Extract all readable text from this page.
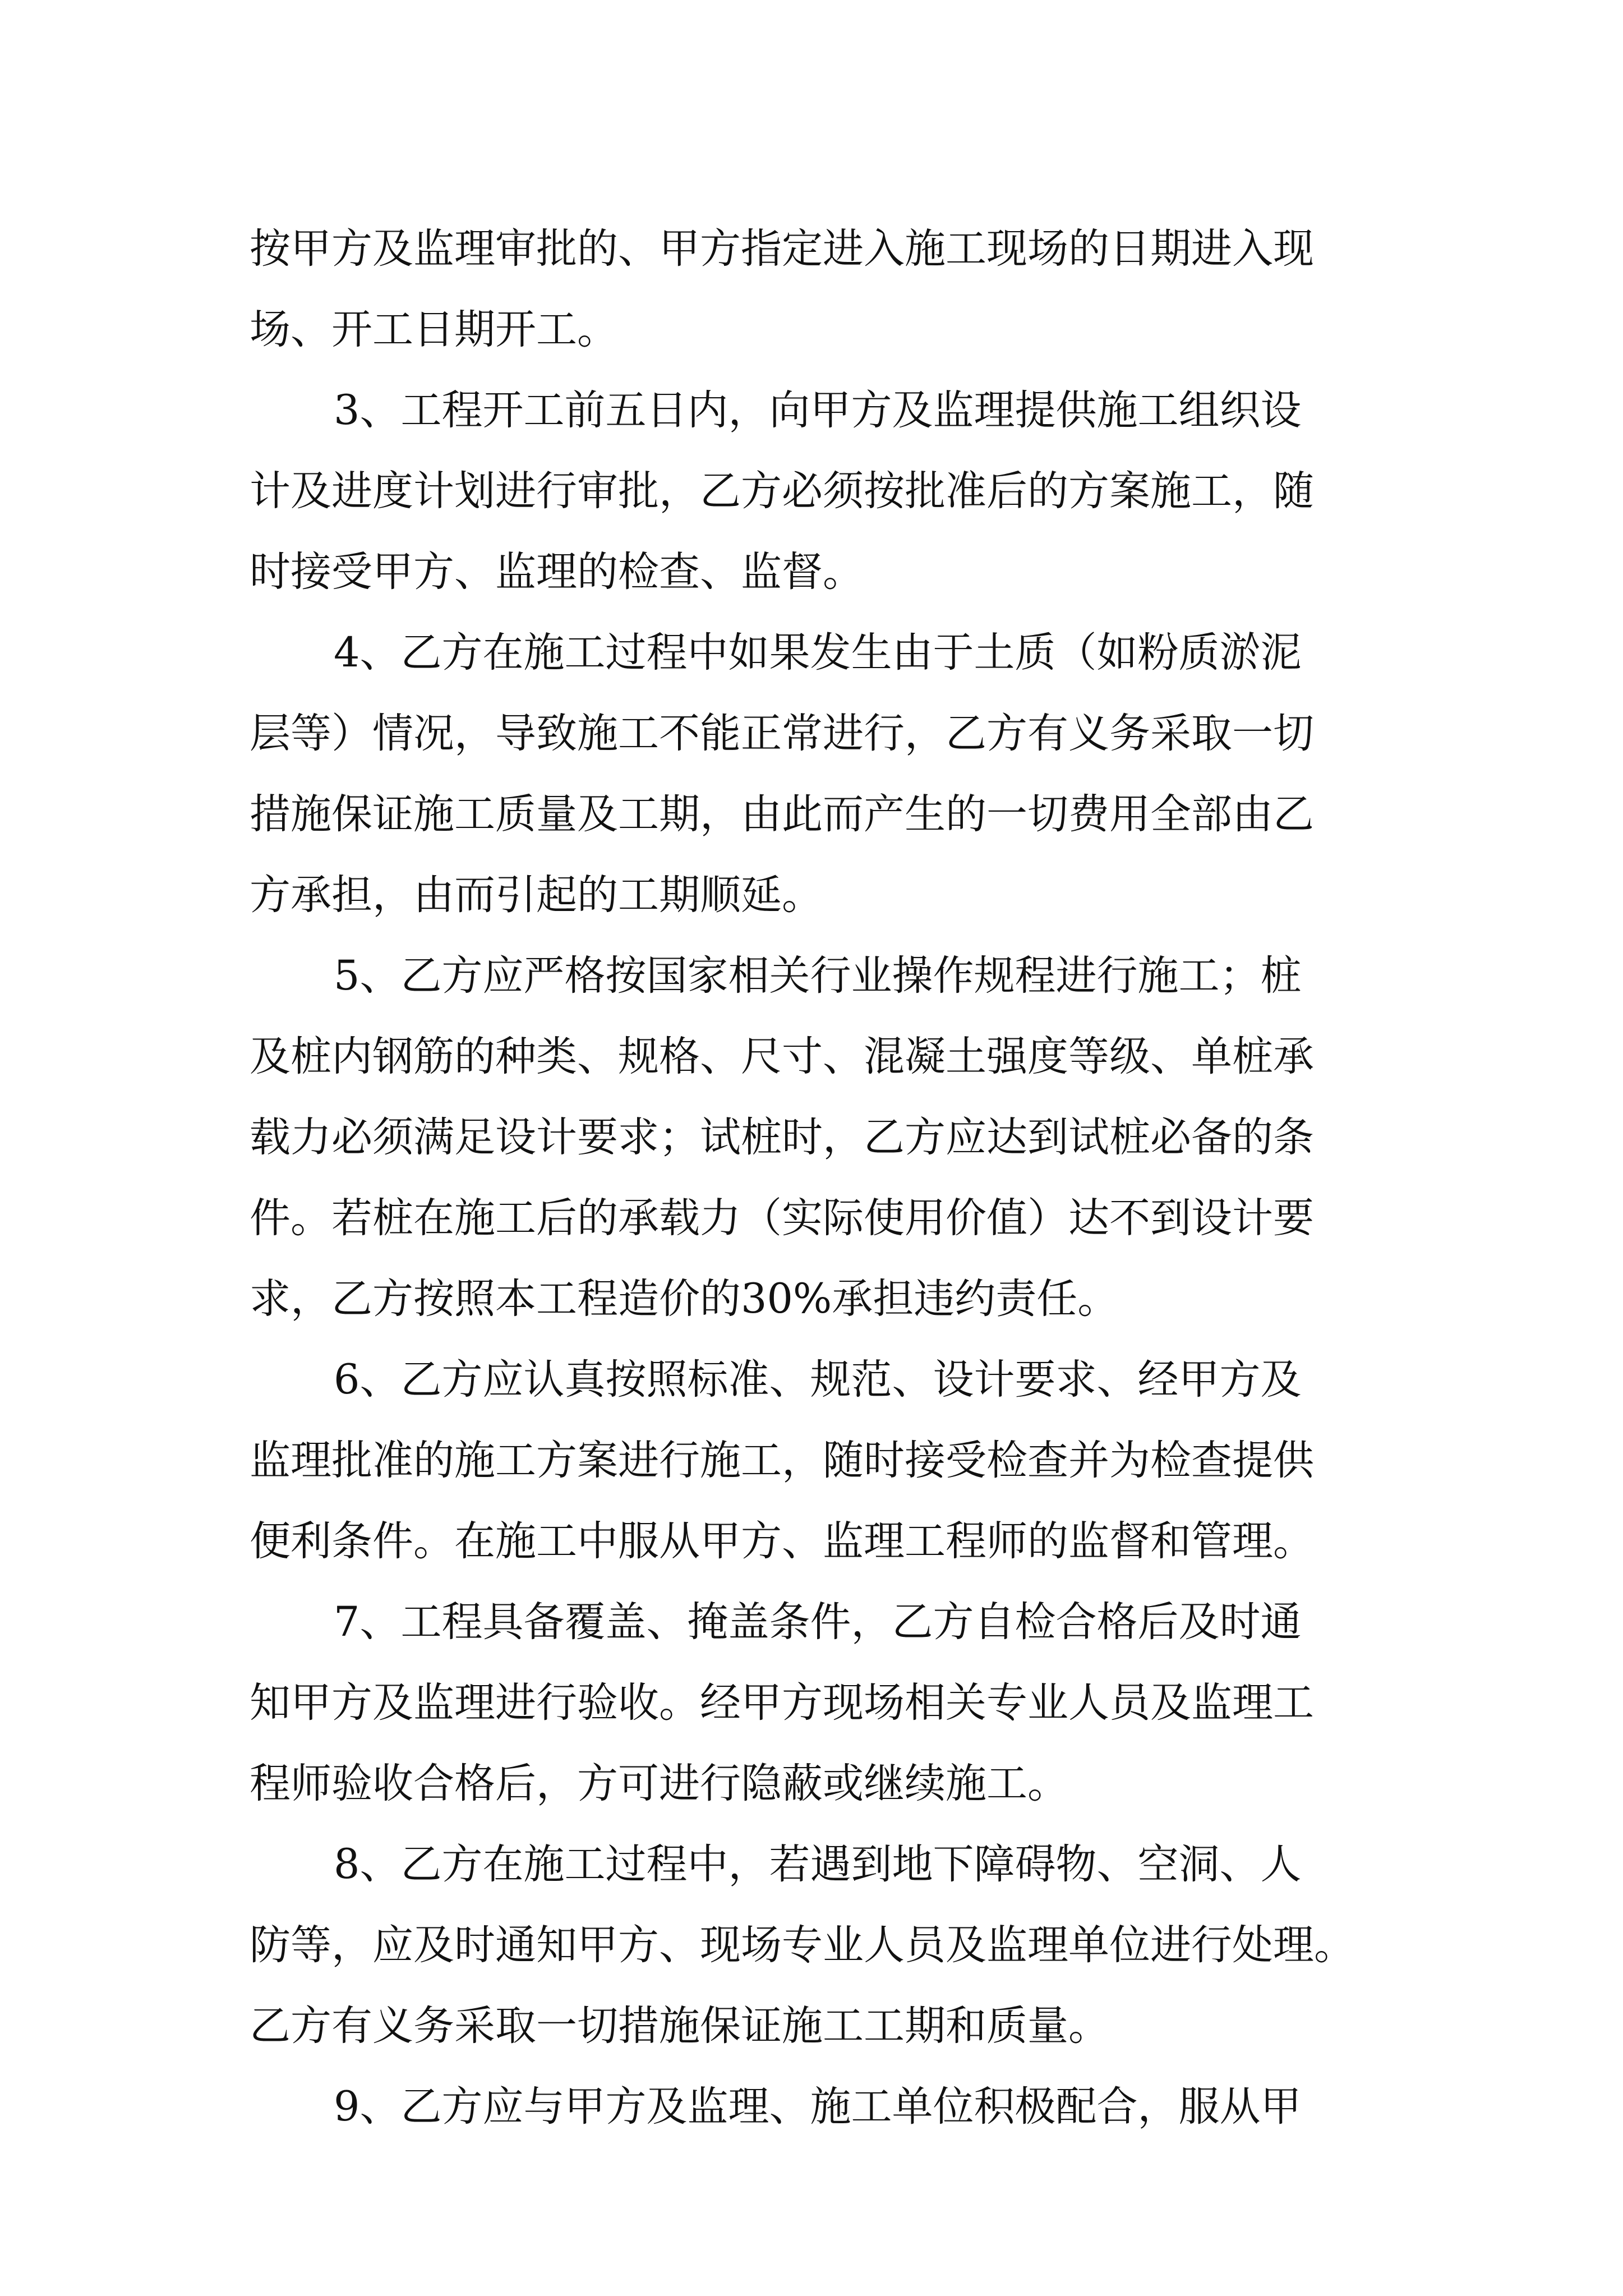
按甲方及监理审批的、甲方指定进入施工现场的日期进入现
场、开工日期开工。
3、工程开工前五日内，向甲方及监理提供施工组织设
计及进度计划进行审批，乙方必须按批准后的方案施工，随
时接受甲方、监理的检查、监督。
4、乙方在施工过程中如果发生由于土质（如粉质淤泥
层等）情况，导致施工不能正常进行，乙方有义务采取一切
措施保证施工质量及工期，由此而产生的一切费用全部由乙
方承担，由而引起的工期顺延。
5、乙方应严格按国家相关行业操作规程进行施工；桩
及桩内钢筋的种类、规格、尺寸、混凝土强度等级、单桩承
载力必须满足设计要求；试桩时，乙方应达到试桩必备的条
件。若桩在施工后的承载力（实际使用价值）达不到设计要
求，乙方按照本工程造价的30%承担违约责任。
6、乙方应认真按照标准、规范、设计要求、经甲方及
监理批准的施工方案进行施工，随时接受检查并为检查提供
便利条件。在施工中服从甲方、监理工程师的监督和管理。
7、工程具备覆盖、掩盖条件，乙方自检合格后及时通
知甲方及监理进行验收。经甲方现场相关专业人员及监理工
程师验收合格后，方可进行隐蔽或继续施工。
8、乙方在施工过程中，若遇到地下障碍物、空洞、人
防等，应及时通知甲方、现场专业人员及监理单位进行处理。
乙方有义务采取一切措施保证施工工期和质量。
9、乙方应与甲方及监理、施工单位积极配合，服从甲
